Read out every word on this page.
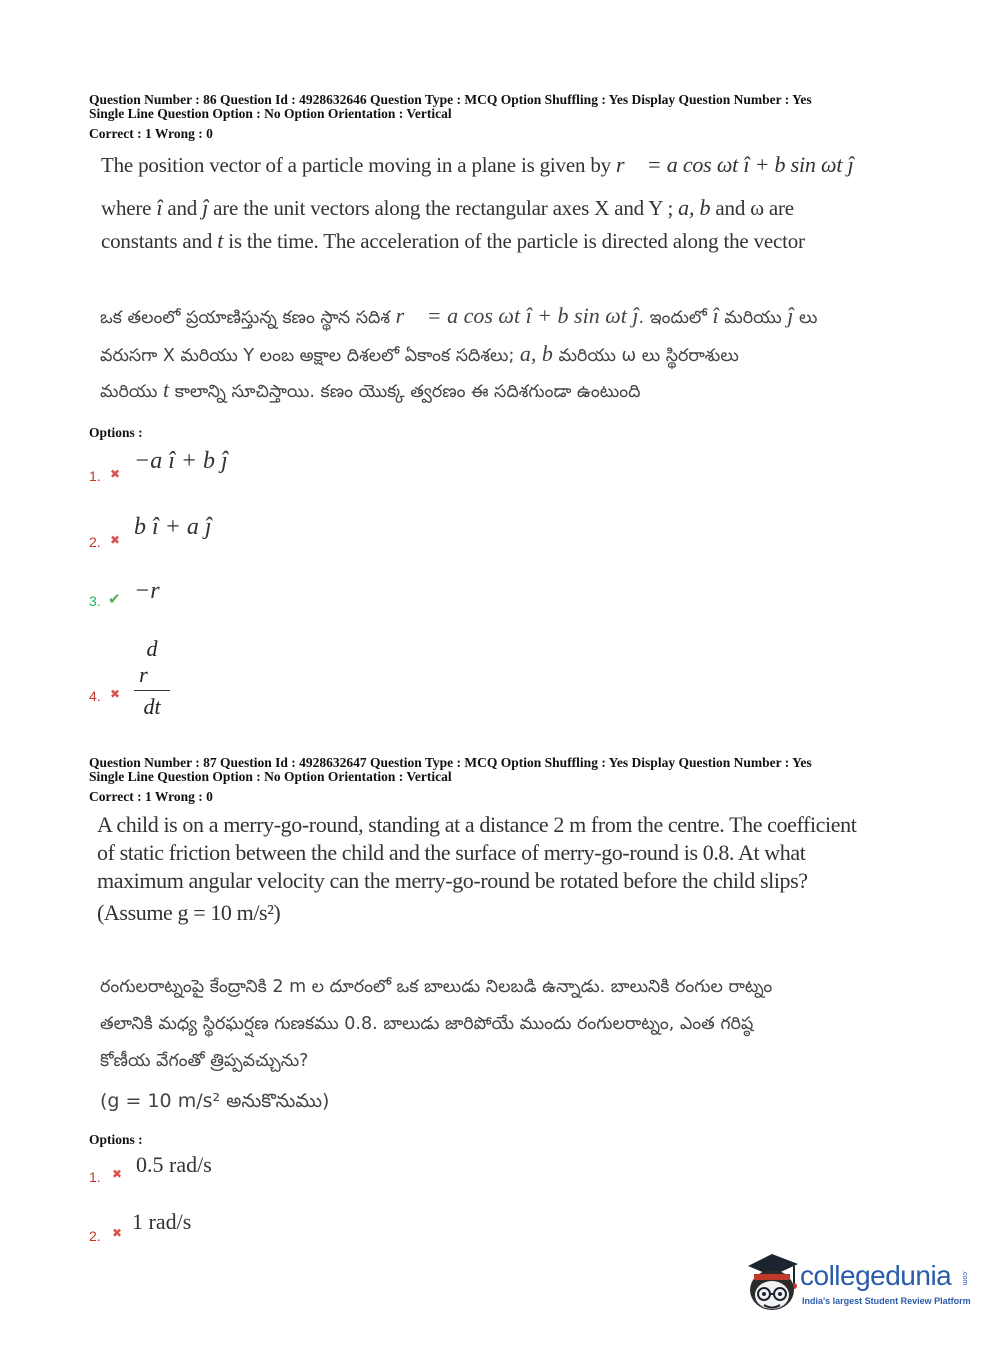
Question Number : 86 Question Id : 4928632646 Question Type : MCQ Option Shuffling : Yes Display Question Number : Yes
Single Line Question Option : No Option Orientation : Vertical
Correct : 1 Wrong : 0
The position vector of a particle moving in a plane is given by r⃗ = a cos ωt î + b sin ωt ĵ
where î and ĵ are the unit vectors along the rectangular axes X and Y ; a, b and ω are
constants and t is the time. The acceleration of the particle is directed along the vector
ఒక తలంలో ప్రయాణిస్తున్న కణం స్థాన సదిశ r⃗ = a cos ωt î + b sin ωt ĵ. ఇందులో î మరియు ĵ లు
వరుసగా X మరియు Y లంబ అక్షాల దిశలలో ఏకాంక సదిశలు; a, b మరియు ω లు స్థిరరాశులు
మరియు t కాలాన్ని సూచిస్తాయి. కణం యొక్క త్వరణం ఈ సదిశగుండా ఉంటుంది
Options :
1. ✖ −a î + b ĵ
2. ✖ b î + a ĵ
3. ✔ −r⃗
4. ✖ $\frac{\text{d r⃗}}{dt}$
Question Number : 87 Question Id : 4928632647 Question Type : MCQ Option Shuffling : Yes Display Question Number : Yes
Single Line Question Option : No Option Orientation : Vertical
Correct : 1 Wrong : 0
A child is on a merry-go-round, standing at a distance 2 m from the centre. The coefficient
of static friction between the child and the surface of merry-go-round is 0.8. At what
maximum angular velocity can the merry-go-round be rotated before the child slips?
(Assume g = 10 m/s²)
రంగులరాట్నంపై కేంద్రానికి 2 m ల దూరంలో ఒక బాలుడు నిలబడి ఉన్నాడు. బాలునికి రంగుల రాట్నం
తలానికి మధ్య స్థిరఘర్షణ గుణకము 0.8. బాలుడు జారిపోయే ముందు రంగులరాట్నం, ఎంత గరిష్ఠ
కోణీయ వేగంతో త్రిప్పవచ్చును?
(g = 10 m/s² అనుకొనుము)
Options :
1. ✖ 0.5 rad/s
2. ✖ 1 rad/s
collegedunia .com
India's largest Student Review Platform
